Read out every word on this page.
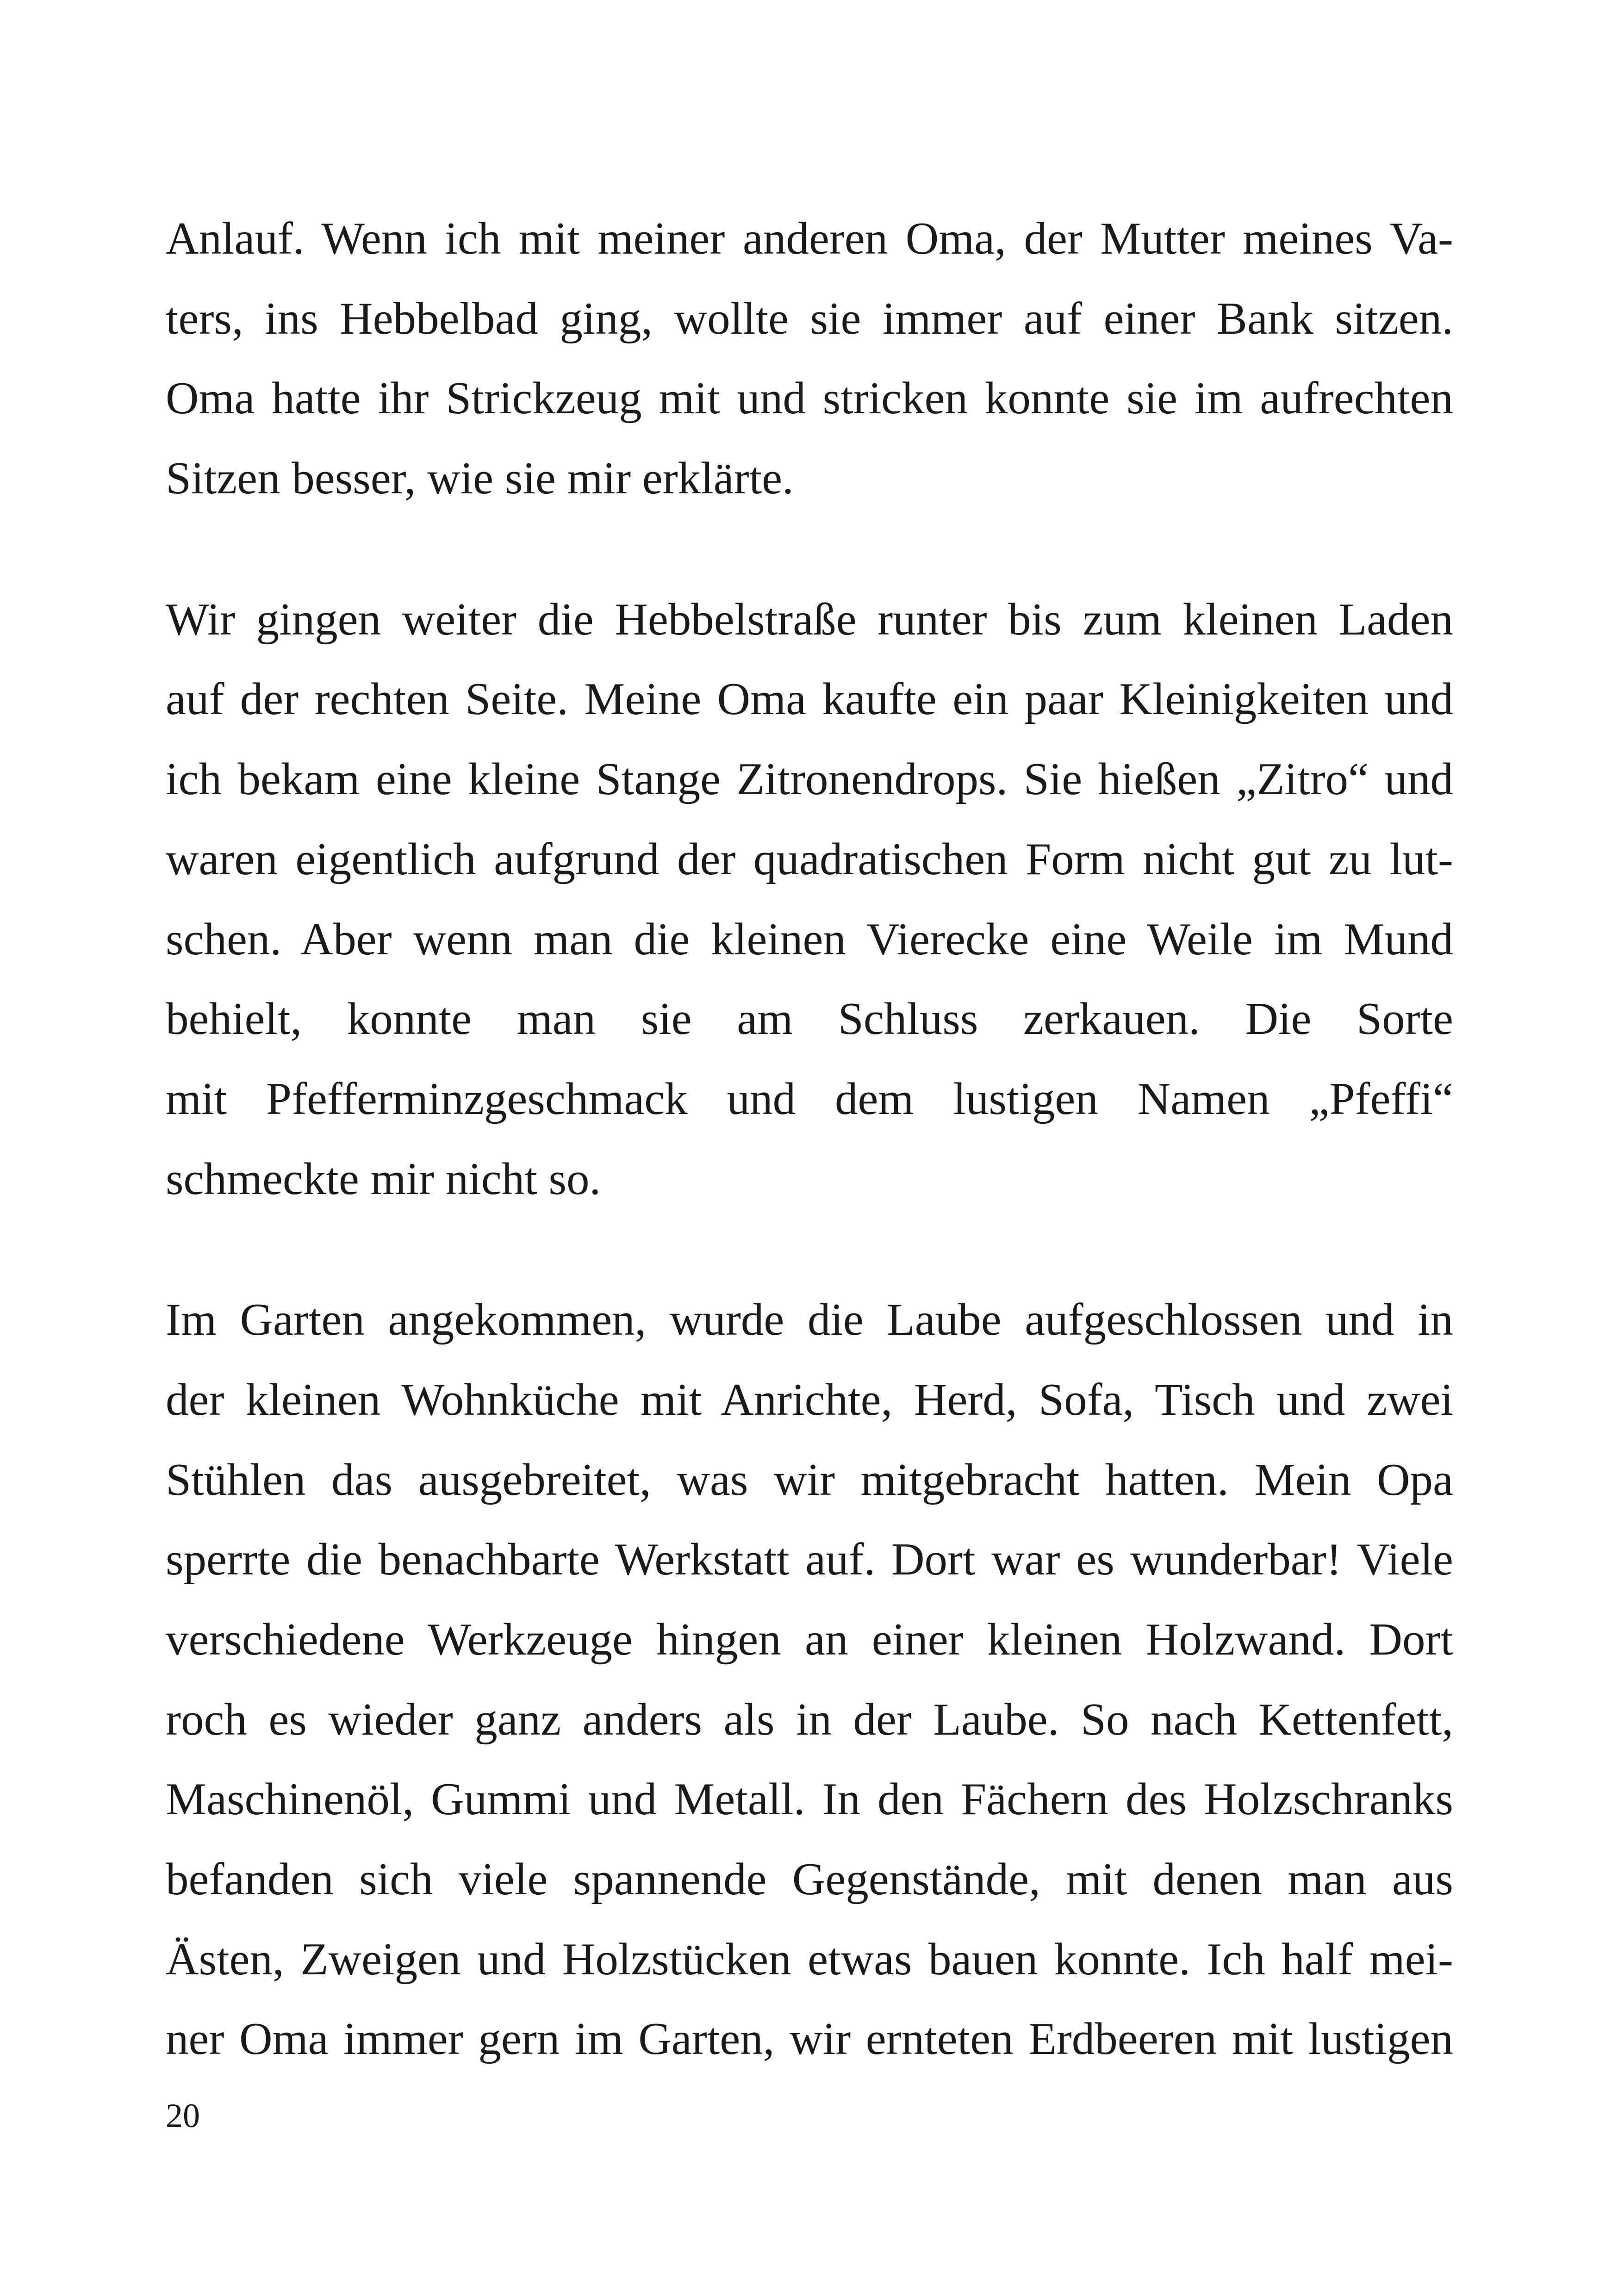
Anlauf. Wenn ich mit meiner anderen Oma, der Mutter meines Va-
ters, ins Hebbelbad ging, wollte sie immer auf einer Bank sitzen.
Oma hatte ihr Strickzeug mit und stricken konnte sie im aufrechten
Sitzen besser, wie sie mir erklärte.

Wir gingen weiter die Hebbelstraße runter bis zum kleinen Laden
auf der rechten Seite. Meine Oma kaufte ein paar Kleinigkeiten und
ich bekam eine kleine Stange Zitronendrops. Sie hießen „Zitro“ und
waren eigentlich aufgrund der quadratischen Form nicht gut zu lut-
schen. Aber wenn man die kleinen Vierecke eine Weile im Mund
behielt, konnte man sie am Schluss zerkauen. Die Sorte
mit Pfefferminzgeschmack und dem lustigen Namen „Pfeffi“
schmeckte mir nicht so.

Im Garten angekommen, wurde die Laube aufgeschlossen und in
der kleinen Wohnküche mit Anrichte, Herd, Sofa, Tisch und zwei
Stühlen das ausgebreitet, was wir mitgebracht hatten. Mein Opa
sperrte die benachbarte Werkstatt auf. Dort war es wunderbar! Viele
verschiedene Werkzeuge hingen an einer kleinen Holzwand. Dort
roch es wieder ganz anders als in der Laube. So nach Kettenfett,
Maschinenöl, Gummi und Metall. In den Fächern des Holzschranks
befanden sich viele spannende Gegenstände, mit denen man aus
Ästen, Zweigen und Holzstücken etwas bauen konnte. Ich half mei-
ner Oma immer gern im Garten, wir ernteten Erdbeeren mit lustigen

20
